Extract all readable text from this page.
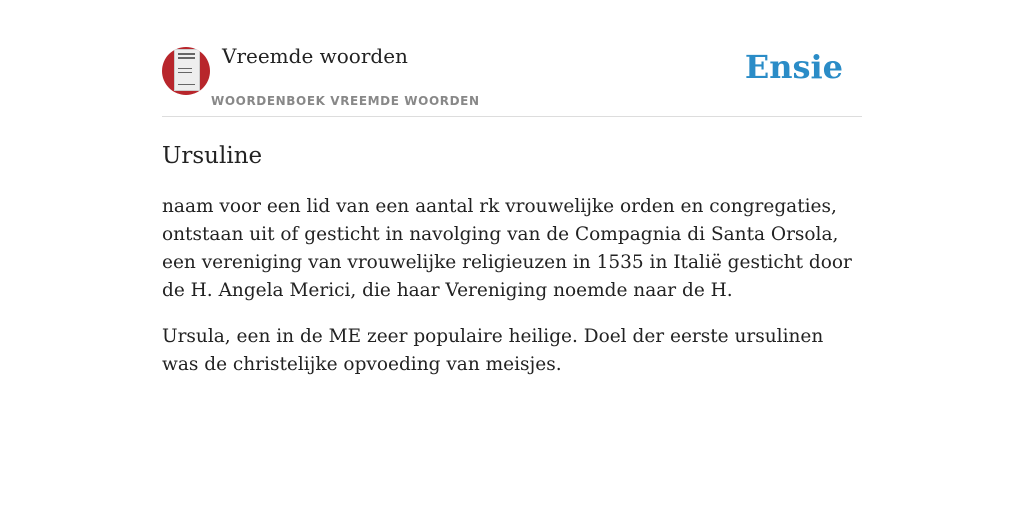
Vreemde woorden
WOORDENBOEK VREEMDE WOORDEN
Ensie
Ursuline

naam voor een lid van een aantal rk vrouwelijke orden en congregaties, ontstaan uit of gesticht in navolging van de Compagnia di Santa Orsola, een vereniging van vrouwelijke religieuzen in 1535 in Italië gesticht door de H. Angela Merici, die haar Vereniging noemde naar de H.

Ursula, een in de ME zeer populaire heilige. Doel der eerste ursulinen was de christelijke opvoeding van meisjes.
